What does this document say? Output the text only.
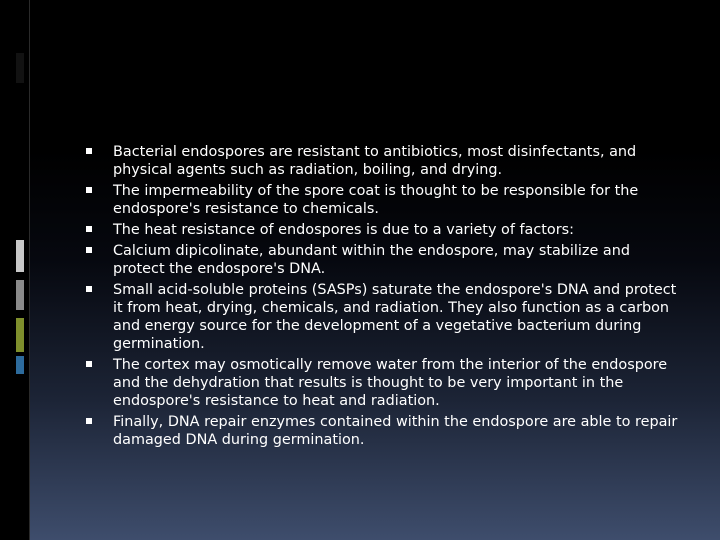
Bacterial endospores are resistant to antibiotics, most disinfectants, and physical agents such as radiation, boiling, and drying.
The impermeability of the spore coat is thought to be responsible for the endospore's resistance to chemicals.
The heat resistance of endospores is due to a variety of factors:
Calcium dipicolinate, abundant within the endospore, may stabilize and protect the endospore's DNA.
Small acid-soluble proteins (SASPs) saturate the endospore's DNA and protect it from heat, drying, chemicals, and radiation. They also function as a carbon and energy source for the development of a vegetative bacterium during germination.
The cortex may osmotically remove water from the interior of the endospore and the dehydration that results is thought to be very important in the endospore's resistance to heat and radiation.
Finally, DNA repair enzymes contained within the endospore are able to repair damaged DNA during germination.
